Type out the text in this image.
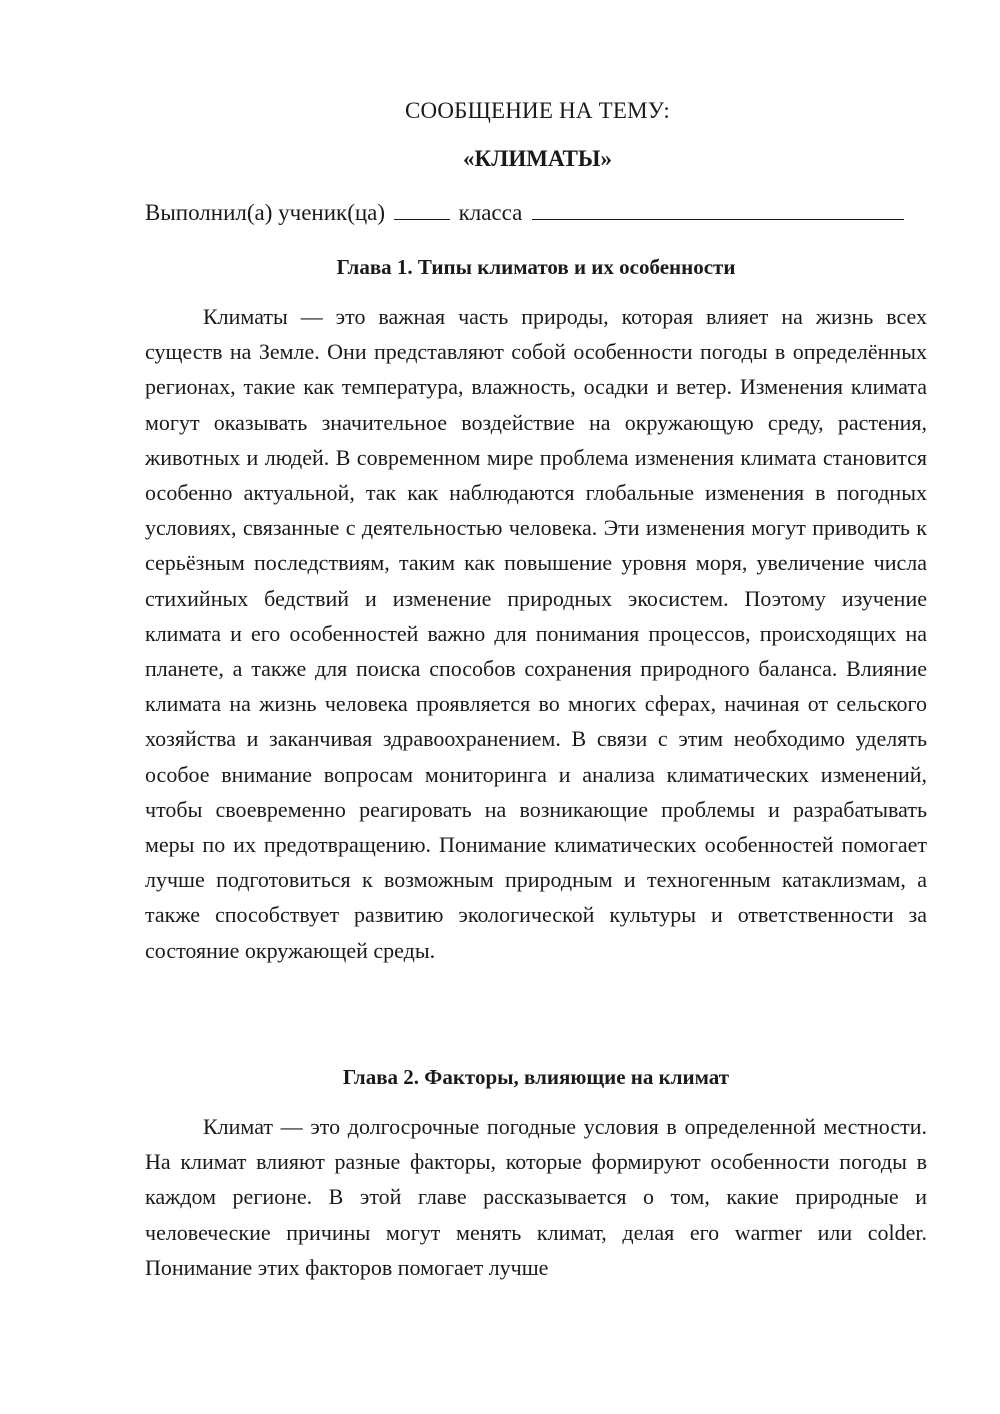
СООБЩЕНИЕ НА ТЕМУ:
«КЛИМАТЫ»
Выполнил(а) ученик(ца)	класса
Глава 1. Типы климатов и их особенности

Климаты — это важная часть природы, которая влияет на жизнь всех существ на Земле. Они представляют собой особенности погоды в определённых регионах, такие как температура, влажность, осадки и ветер. Изменения климата могут оказывать значительное воздействие на окружающую среду, растения, животных и людей. В современном мире проблема изменения климата становится особенно актуальной, так как наблюдаются глобальные изменения в погодных условиях, связанные с деятельностью человека. Эти изменения могут приводить к серьёзным последствиям, таким как повышение уровня моря, увеличение числа стихийных бедствий и изменение природных экосистем. Поэтому изучение климата и его особенностей важно для понимания процессов, происходящих на планете, а также для поиска способов сохранения природного баланса. Влияние климата на жизнь человека проявляется во многих сферах, начиная от сельского хозяйства и заканчивая здравоохранением. В связи с этим необходимо уделять особое внимание вопросам мониторинга и анализа климатических изменений, чтобы своевременно реагировать на возникающие проблемы и разрабатывать меры по их предотвращению. Понимание климатических особенностей помогает лучше подготовиться к возможным природным и техногенным катаклизмам, а также способствует развитию экологической культуры и ответственности за состояние окружающей среды.

Глава 2. Факторы, влияющие на климат

Климат — это долгосрочные погодные условия в определенной местности. На климат влияют разные факторы, которые формируют особенности погоды в каждом регионе. В этой главе рассказывается о том, какие природные и человеческие причины могут менять климат, делая его warmer или colder. Понимание этих факторов помогает лучше
